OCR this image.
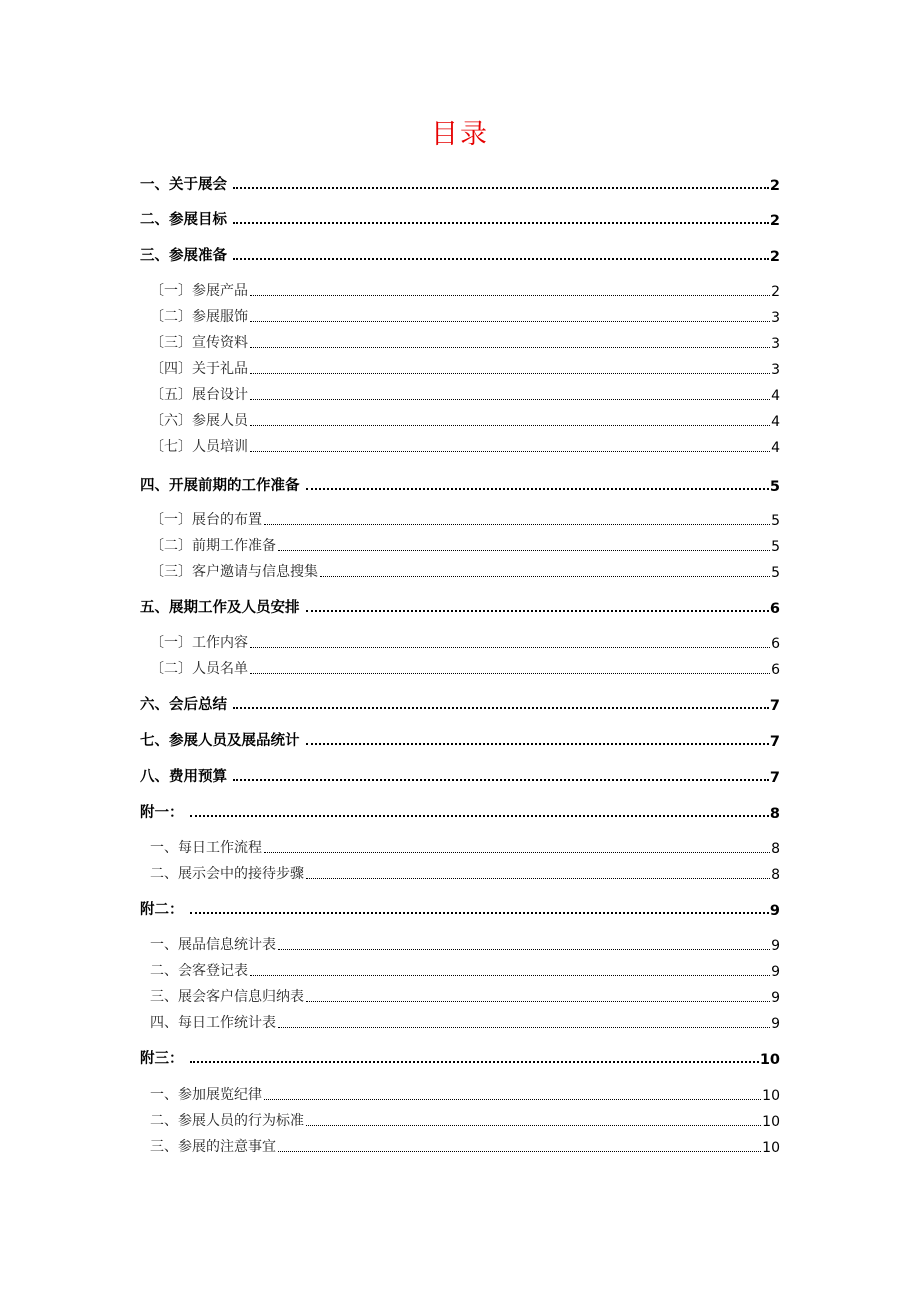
目录
一、关于展会	2
二、参展目标	2
三、参展准备	2
〔一〕参展产品	2
〔二〕参展服饰	3
〔三〕宣传资料	3
〔四〕关于礼品	3
〔五〕展台设计	4
〔六〕参展人员	4
〔七〕人员培训	4
四、开展前期的工作准备	5
〔一〕展台的布置	5
〔二〕前期工作准备	5
〔三〕客户邀请与信息搜集	5
五、展期工作及人员安排	6
〔一〕工作内容	6
〔二〕人员名单	6
六、会后总结	7
七、参展人员及展品统计	7
八、费用预算	7
附一：	8
一、每日工作流程	8
二、展示会中的接待步骤	8
附二：	9
一、展品信息统计表	9
二、会客登记表	9
三、展会客户信息归纳表	9
四、每日工作统计表	9
附三：	10
一、参加展览纪律	10
二、参展人员的行为标准	10
三、参展的注意事宜	10
